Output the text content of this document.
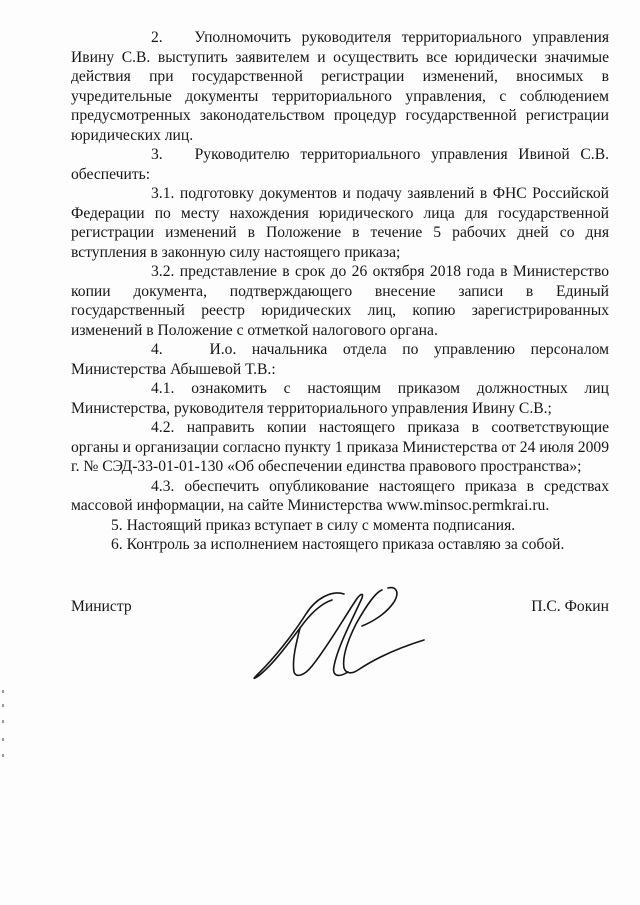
2. Уполномочить руководителя территориального управления Ивину С.В. выступить заявителем и осуществить все юридически значимые действия при государственной регистрации изменений, вносимых в учредительные документы территориального управления, с соблюдением предусмотренных законодательством процедур государственной регистрации юридических лиц.

3. Руководителю территориального управления Ивиной С.В. обеспечить:

3.1. подготовку документов и подачу заявлений в ФНС Российской Федерации по месту нахождения юридического лица для государственной регистрации изменений в Положение в течение 5 рабочих дней со дня вступления в законную силу настоящего приказа;

3.2. представление в срок до 26 октября 2018 года в Министерство копии документа, подтверждающего внесение записи в Единый государственный реестр юридических лиц, копию зарегистрированных изменений в Положение с отметкой налогового органа.

4.	И.о. начальника отдела по управлению персоналом Министерства Абышевой Т.В.:

4.1. ознакомить с настоящим приказом должностных лиц Министерства, руководителя территориального управления Ивину С.В.;

4.2. направить копии настоящего приказа в соответствующие органы и организации согласно пункту 1 приказа Министерства от 24 июля 2009 г. № СЭД-33-01-01-130 «Об обеспечении единства правового пространства»;

4.3. обеспечить опубликование настоящего приказа в средствах массовой информации, на сайте Министерства www.minsoc.permkrai.ru.

5. Настоящий приказ вступает в силу с момента подписания.

6. Контроль за исполнением настоящего приказа оставляю за собой.

Министр	П.С. Фокин
